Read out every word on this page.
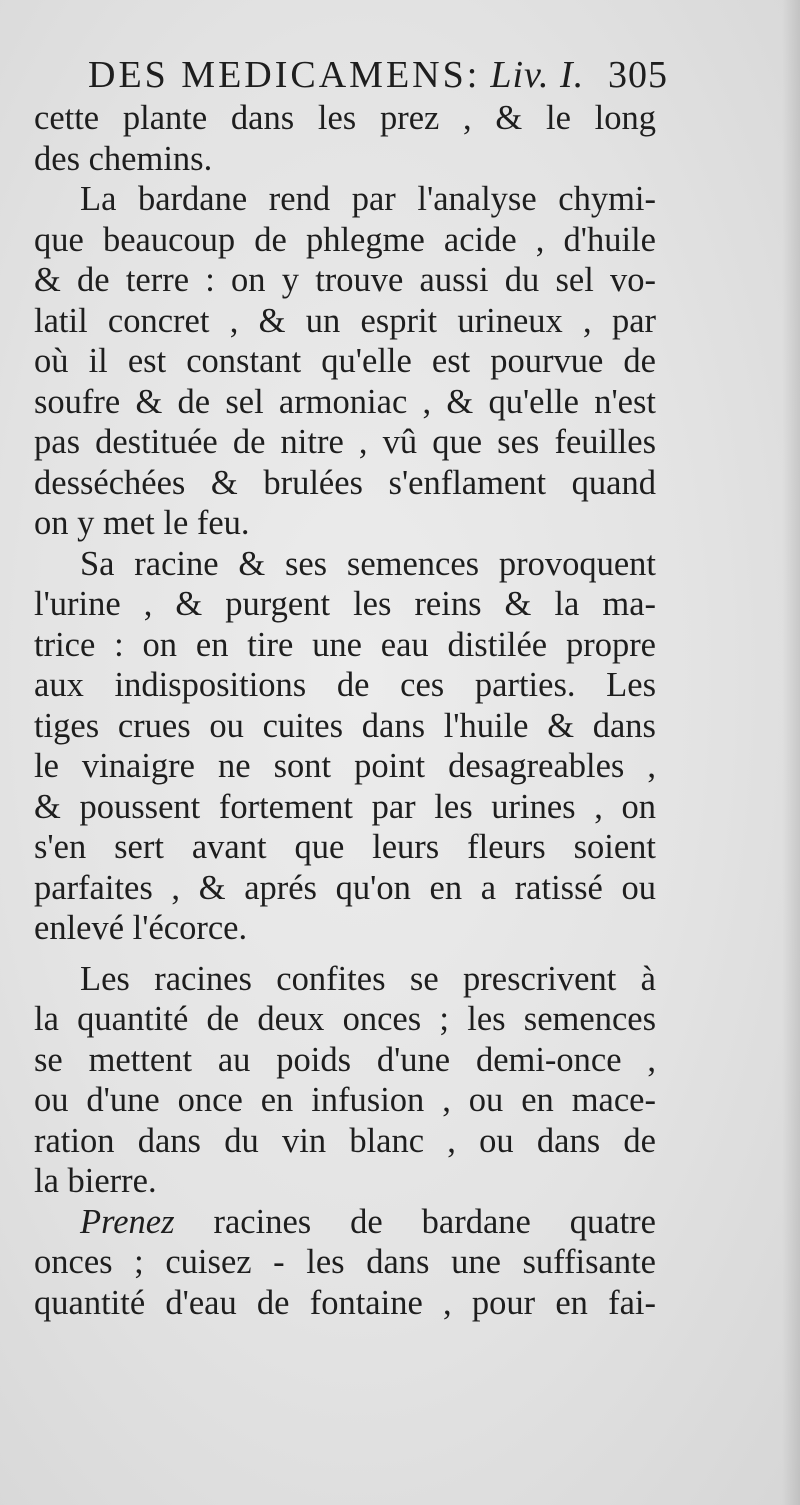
DES MEDICAMENS: Liv. I. 305
cette plante dans les prez , & le long
des chemins.
La bardane rend par l'analyse chymi-
que beaucoup de phlegme acide , d'huile
& de terre : on y trouve aussi du sel vo-
latil concret , & un esprit urineux , par
où il est constant qu'elle est pourvue de
soufre & de sel armoniac , & qu'elle n'est
pas destituée de nitre , vû que ses feuilles
desséchées & brulées s'enflament quand
on y met le feu.
Sa racine & ses semences provoquent
l'urine , & purgent les reins & la ma-
trice : on en tire une eau distilée propre
aux indispositions de ces parties. Les
tiges crues ou cuites dans l'huile & dans
le vinaigre ne sont point desagreables ,
& poussent fortement par les urines , on
s'en sert avant que leurs fleurs soient
parfaites , & aprés qu'on en a ratissé ou
enlevé l'écorce.
Les racines confites se prescrivent à
la quantité de deux onces ; les semences
se mettent au poids d'une demi-once ,
ou d'une once en infusion , ou en mace-
ration dans du vin blanc , ou dans de
la bierre.
Prenez racines de bardane quatre
onces ; cuisez - les dans une suffisante
quantité d'eau de fontaine , pour en fai-
